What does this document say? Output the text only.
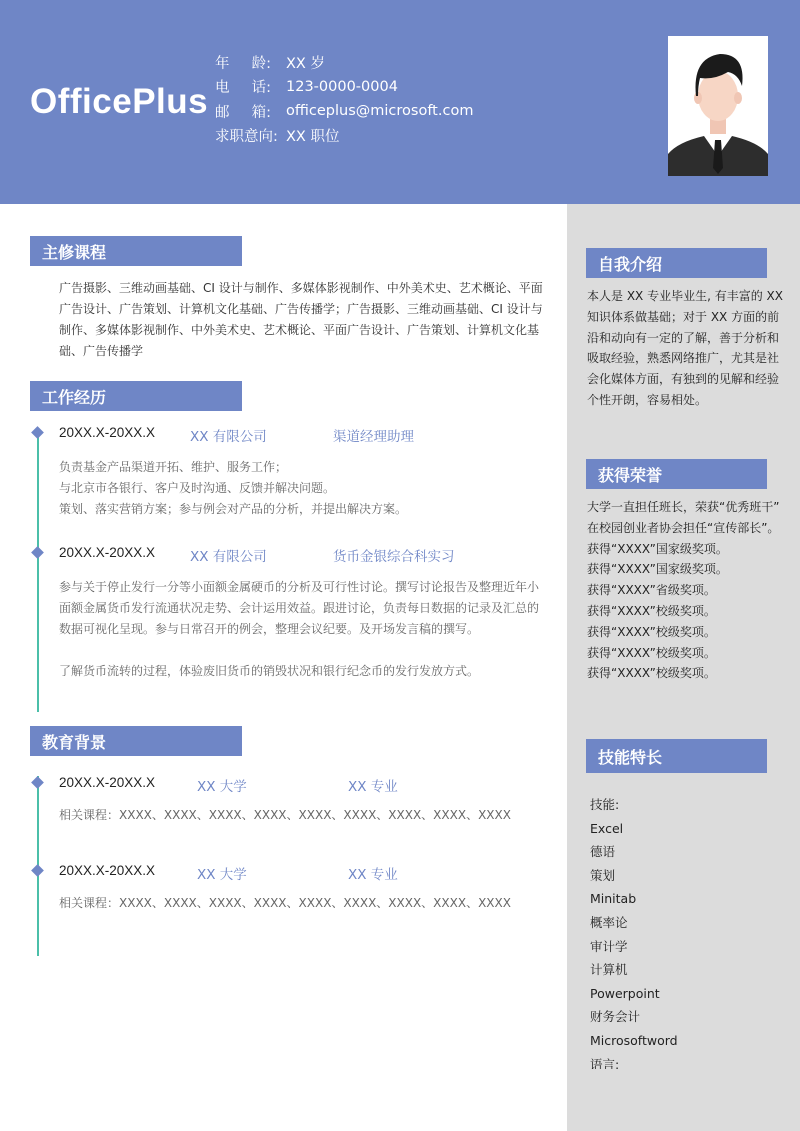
OfficePlus
年 龄: XX 岁
电 话: 123-0000-0004
邮 箱: officeplus@microsoft.com
求职意向: XX 职位
主修课程
广告摄影、三维动画基础、CI 设计与制作、多媒体影视制作、中外美术史、艺术概论、平面
广告设计、广告策划、计算机文化基础、广告传播学；广告摄影、三维动画基础、CI 设计与
制作、多媒体影视制作、中外美术史、艺术概论、平面广告设计、广告策划、计算机文化基
础、广告传播学
工作经历
20XX.X-20XX.X	XX 有限公司	渠道经理助理
负责基金产品渠道开拓、维护、服务工作；
与北京市各银行、客户及时沟通、反馈并解决问题。
策划、落实营销方案；参与例会对产品的分析，并提出解决方案。
20XX.X-20XX.X	XX 有限公司	货币金银综合科实习
参与关于停止发行一分等小面额金属硬币的分析及可行性讨论。撰写讨论报告及整理近年小
面额金属货币发行流通状况走势、会计运用效益。跟进讨论，负责每日数据的记录及汇总的
数据可视化呈现。参与日常召开的例会，整理会议纪要。及开场发言稿的撰写。
了解货币流转的过程，体验废旧货币的销毁状况和银行纪念币的发行发放方式。
教育背景
20XX.X-20XX.X	XX 大学	XX 专业
相关课程：XXXX、XXXX、XXXX、XXXX、XXXX、XXXX、XXXX、XXXX、XXXX
20XX.X-20XX.X	XX 大学	XX 专业
相关课程：XXXX、XXXX、XXXX、XXXX、XXXX、XXXX、XXXX、XXXX、XXXX
自我介绍
本人是 XX 专业毕业生, 有丰富的 XX
知识体系做基础；对于 XX 方面的前
沿和动向有一定的了解，善于分析和
吸取经验，熟悉网络推广，尤其是社
会化媒体方面，有独到的见解和经验
个性开朗，容易相处。
获得荣誉
大学一直担任班长，荣获“优秀班干”
在校园创业者协会担任“宣传部长”。
获得“XXXX”国家级奖项。
获得“XXXX”国家级奖项。
获得“XXXX”省级奖项。
获得“XXXX”校级奖项。
获得“XXXX”校级奖项。
获得“XXXX”校级奖项。
获得“XXXX”校级奖项。
技能特长
技能:
Excel
德语
策划
Minitab
概率论
审计学
计算机
Powerpoint
财务会计
Microsoftword
语言:
